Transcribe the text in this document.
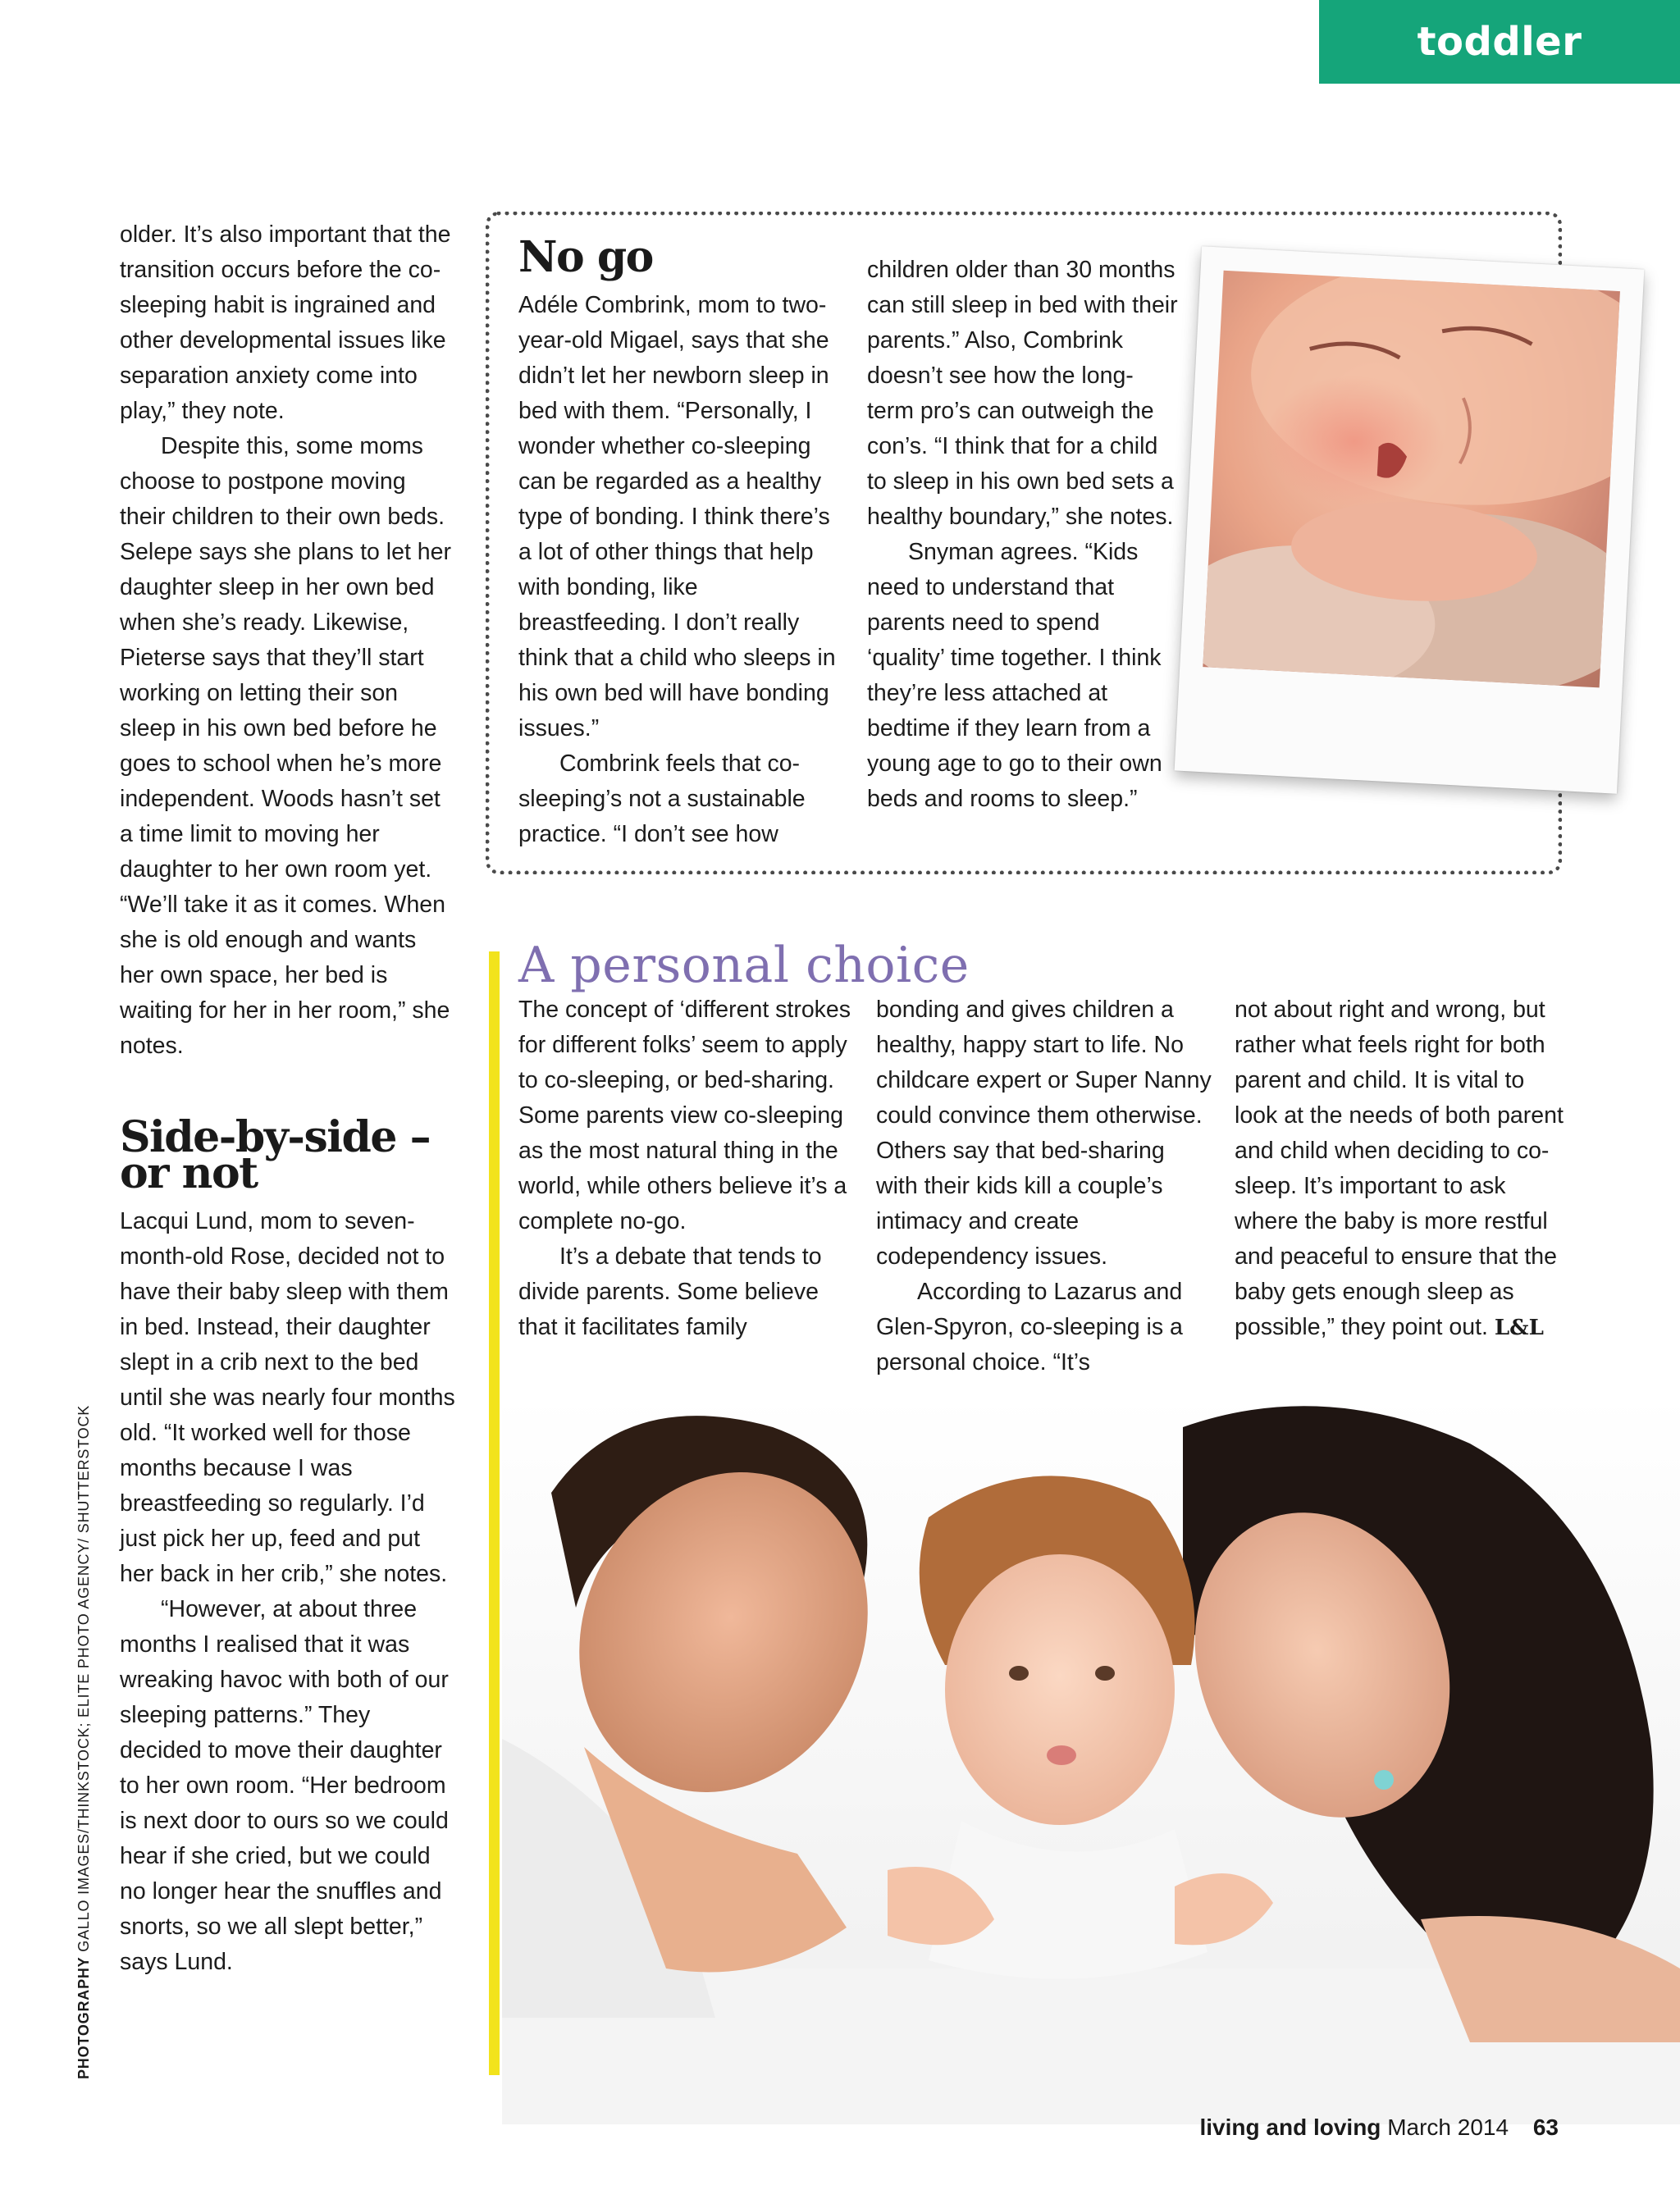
toddler

older. It’s also important that the transition occurs before the co-sleeping habit is ingrained and other developmental issues like separation anxiety come into play,” they note.

Despite this, some moms choose to postpone moving their children to their own beds. Selepe says she plans to let her daughter sleep in her own bed when she’s ready. Likewise, Pieterse says that they’ll start working on letting their son sleep in his own bed before he goes to school when he’s more independent. Woods hasn’t set a time limit to moving her daughter to her own room yet. “We’ll take it as it comes. When she is old enough and wants her own space, her bed is waiting for her in her room,” she notes.

Side-by-side – or not

Lacqui Lund, mom to seven-month-old Rose, decided not to have their baby sleep with them in bed. Instead, their daughter slept in a crib next to the bed until she was nearly four months old. “It worked well for those months because I was breastfeeding so regularly. I’d just pick her up, feed and put her back in her crib,” she notes.

“However, at about three months I realised that it was wreaking havoc with both of our sleeping patterns.” They decided to move their daughter to her own room. “Her bedroom is next door to ours so we could hear if she cried, but we could no longer hear the snuffles and snorts, so we all slept better,” says Lund.

No go

Adéle Combrink, mom to two-year-old Migael, says that she didn’t let her newborn sleep in bed with them. “Personally, I wonder whether co-sleeping can be regarded as a healthy type of bonding. I think there’s a lot of other things that help with bonding, like breastfeeding. I don’t really think that a child who sleeps in his own bed will have bonding issues.”

Combrink feels that co-sleeping’s not a sustainable practice. “I don’t see how

children older than 30 months can still sleep in bed with their parents.” Also, Combrink doesn’t see how the long-term pro’s can outweigh the con’s. “I think that for a child to sleep in his own bed sets a healthy boundary,” she notes.

Snyman agrees. “Kids need to understand that parents need to spend ‘quality’ time together. I think they’re less attached at bedtime if they learn from a young age to go to their own beds and rooms to sleep.”

A personal choice

The concept of ‘different strokes for different folks’ seem to apply to co-sleeping, or bed-sharing. Some parents view co-sleeping as the most natural thing in the world, while others believe it’s a complete no-go.

It’s a debate that tends to divide parents. Some believe that it facilitates family

bonding and gives children a healthy, happy start to life. No childcare expert or Super Nanny could convince them otherwise. Others say that bed-sharing with their kids kill a couple’s intimacy and create codependency issues.

According to Lazarus and Glen-Spyron, co-sleeping is a personal choice. “It’s

not about right and wrong, but rather what feels right for both parent and child. It is vital to look at the needs of both parent and child when deciding to co-sleep. It’s important to ask where the baby is more restful and peaceful to ensure that the baby gets enough sleep as possible,” they point out. L&L

PHOTOGRAPHY GALLO IMAGES/THINKSTOCK; ELITE PHOTO AGENCY/ SHUTTERSTOCK
living and loving March 2014 63
